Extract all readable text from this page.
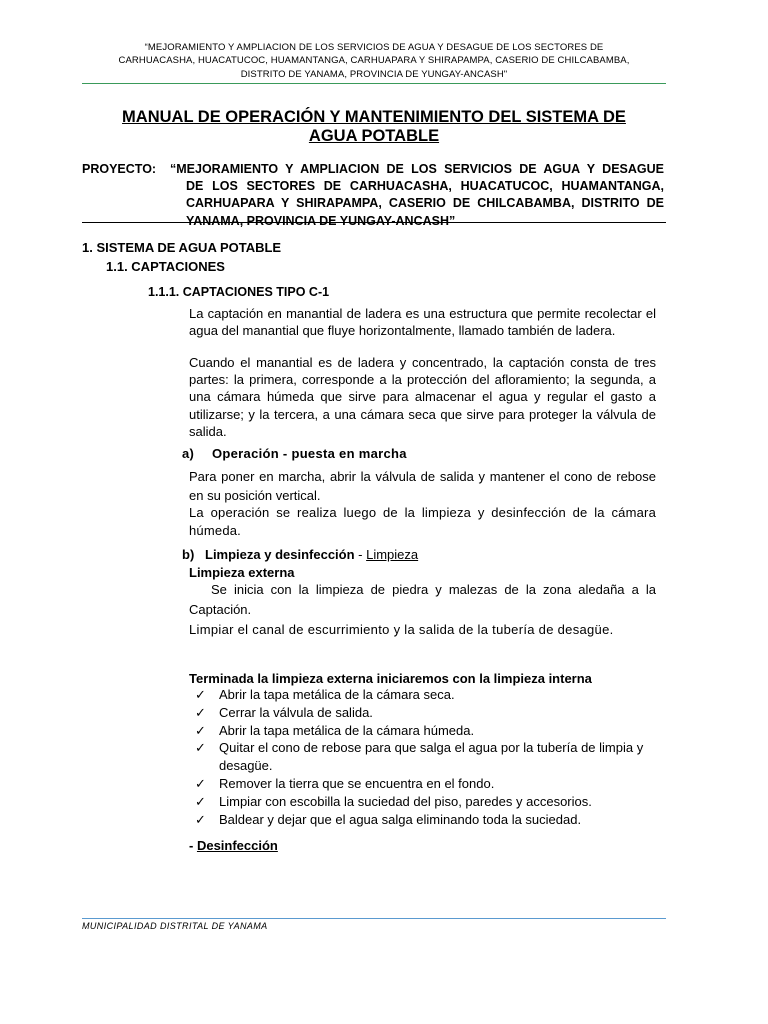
“MEJORAMIENTO Y AMPLIACION DE LOS SERVICIOS DE AGUA Y DESAGUE DE LOS SECTORES DE
CARHUACASHA, HUACATUCOC, HUAMANTANGA, CARHUAPARA Y SHIRAPAMPA, CASERIO DE CHILCABAMBA,
DISTRITO DE YANAMA, PROVINCIA DE YUNGAY-ANCASH"
MANUAL DE OPERACIÓN Y MANTENIMIENTO DEL SISTEMA DE
AGUA POTABLE
PROYECTO: “MEJORAMIENTO Y AMPLIACION DE LOS SERVICIOS DE AGUA Y DESAGUE
DE LOS SECTORES DE CARHUACASHA, HUACATUCOC, HUAMANTANGA,
CARHUAPARA Y SHIRAPAMPA, CASERIO DE CHILCABAMBA, DISTRITO DE
YANAMA, PROVINCIA DE YUNGAY-ANCASH”
1. SISTEMA DE AGUA POTABLE
1.1. CAPTACIONES
1.1.1. CAPTACIONES TIPO C-1
La captación en manantial de ladera es una estructura que permite recolectar el agua del manantial que fluye horizontalmente, llamado también de ladera.
Cuando el manantial es de ladera y concentrado, la captación consta de tres partes: la primera, corresponde a la protección del afloramiento; la segunda, a una cámara húmeda que sirve para almacenar el agua y regular el gasto a utilizarse; y la tercera, a una cámara seca que sirve para proteger la válvula de salida.
a) Operación - puesta en marcha
Para poner en marcha, abrir la válvula de salida y mantener el cono de rebose en su posición vertical.
La operación se realiza luego de la limpieza y desinfección de la cámara húmeda.
b) Limpieza y desinfección - Limpieza
Limpieza externa
Se inicia con la limpieza de piedra y malezas de la zona aledaña a la Captación.
Limpiar el canal de escurrimiento y la salida de la tubería de desagüe.
Terminada la limpieza externa iniciaremos con la limpieza interna
✓ Abrir la tapa metálica de la cámara seca.
✓ Cerrar la válvula de salida.
✓ Abrir la tapa metálica de la cámara húmeda.
✓ Quitar el cono de rebose para que salga el agua por la tubería de limpia y desagüe.
✓ Remover la tierra que se encuentra en el fondo.
✓ Limpiar con escobilla la suciedad del piso, paredes y accesorios.
✓ Baldear y dejar que el agua salga eliminando toda la suciedad.
- Desinfección
MUNICIPALIDAD DISTRITAL DE YANAMA
